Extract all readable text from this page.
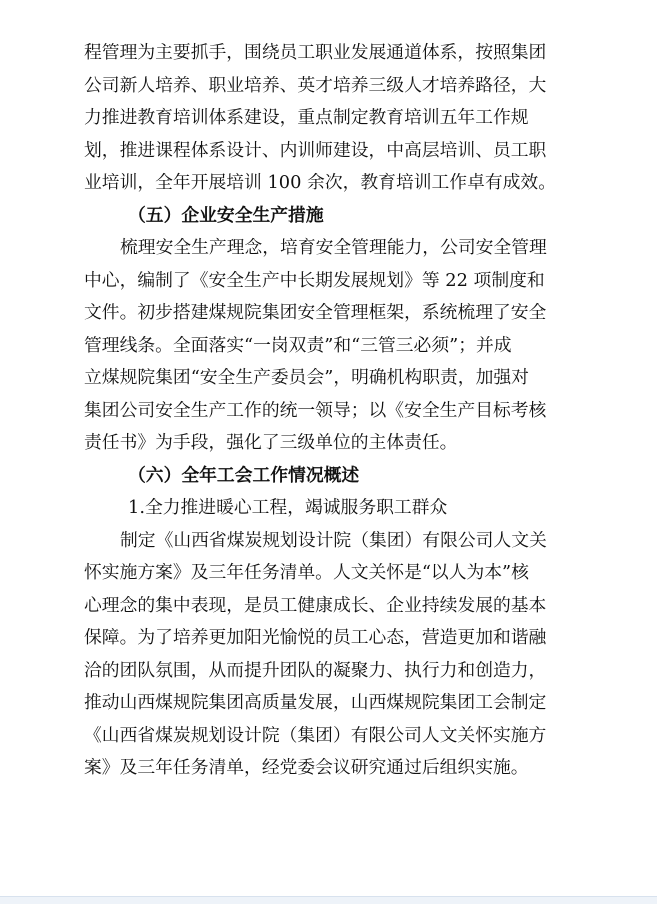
程管理为主要抓手，围绕员工职业发展通道体系，按照集团
公司新人培养、职业培养、英才培养三级人才培养路径，大
力推进教育培训体系建设，重点制定教育培训五年工作规
划，推进课程体系设计、内训师建设，中高层培训、员工职
业培训，全年开展培训 100 余次，教育培训工作卓有成效。
（五）企业安全生产措施
梳理安全生产理念，培育安全管理能力，公司安全管理
中心，编制了《安全生产中长期发展规划》等 22 项制度和
文件。初步搭建煤规院集团安全管理框架，系统梳理了安全
管理线条。全面落实“一岗双责”和“三管三必须”；并成
立煤规院集团“安全生产委员会”，明确机构职责，加强对
集团公司安全生产工作的统一领导；以《安全生产目标考核
责任书》为手段，强化了三级单位的主体责任。
（六）全年工会工作情况概述
1.全力推进暖心工程，竭诚服务职工群众
制定《山西省煤炭规划设计院（集团）有限公司人文关
怀实施方案》及三年任务清单。人文关怀是“以人为本”核
心理念的集中表现，是员工健康成长、企业持续发展的基本
保障。为了培养更加阳光愉悦的员工心态，营造更加和谐融
洽的团队氛围，从而提升团队的凝聚力、执行力和创造力，
推动山西煤规院集团高质量发展，山西煤规院集团工会制定
《山西省煤炭规划设计院（集团）有限公司人文关怀实施方
案》及三年任务清单，经党委会议研究通过后组织实施。
